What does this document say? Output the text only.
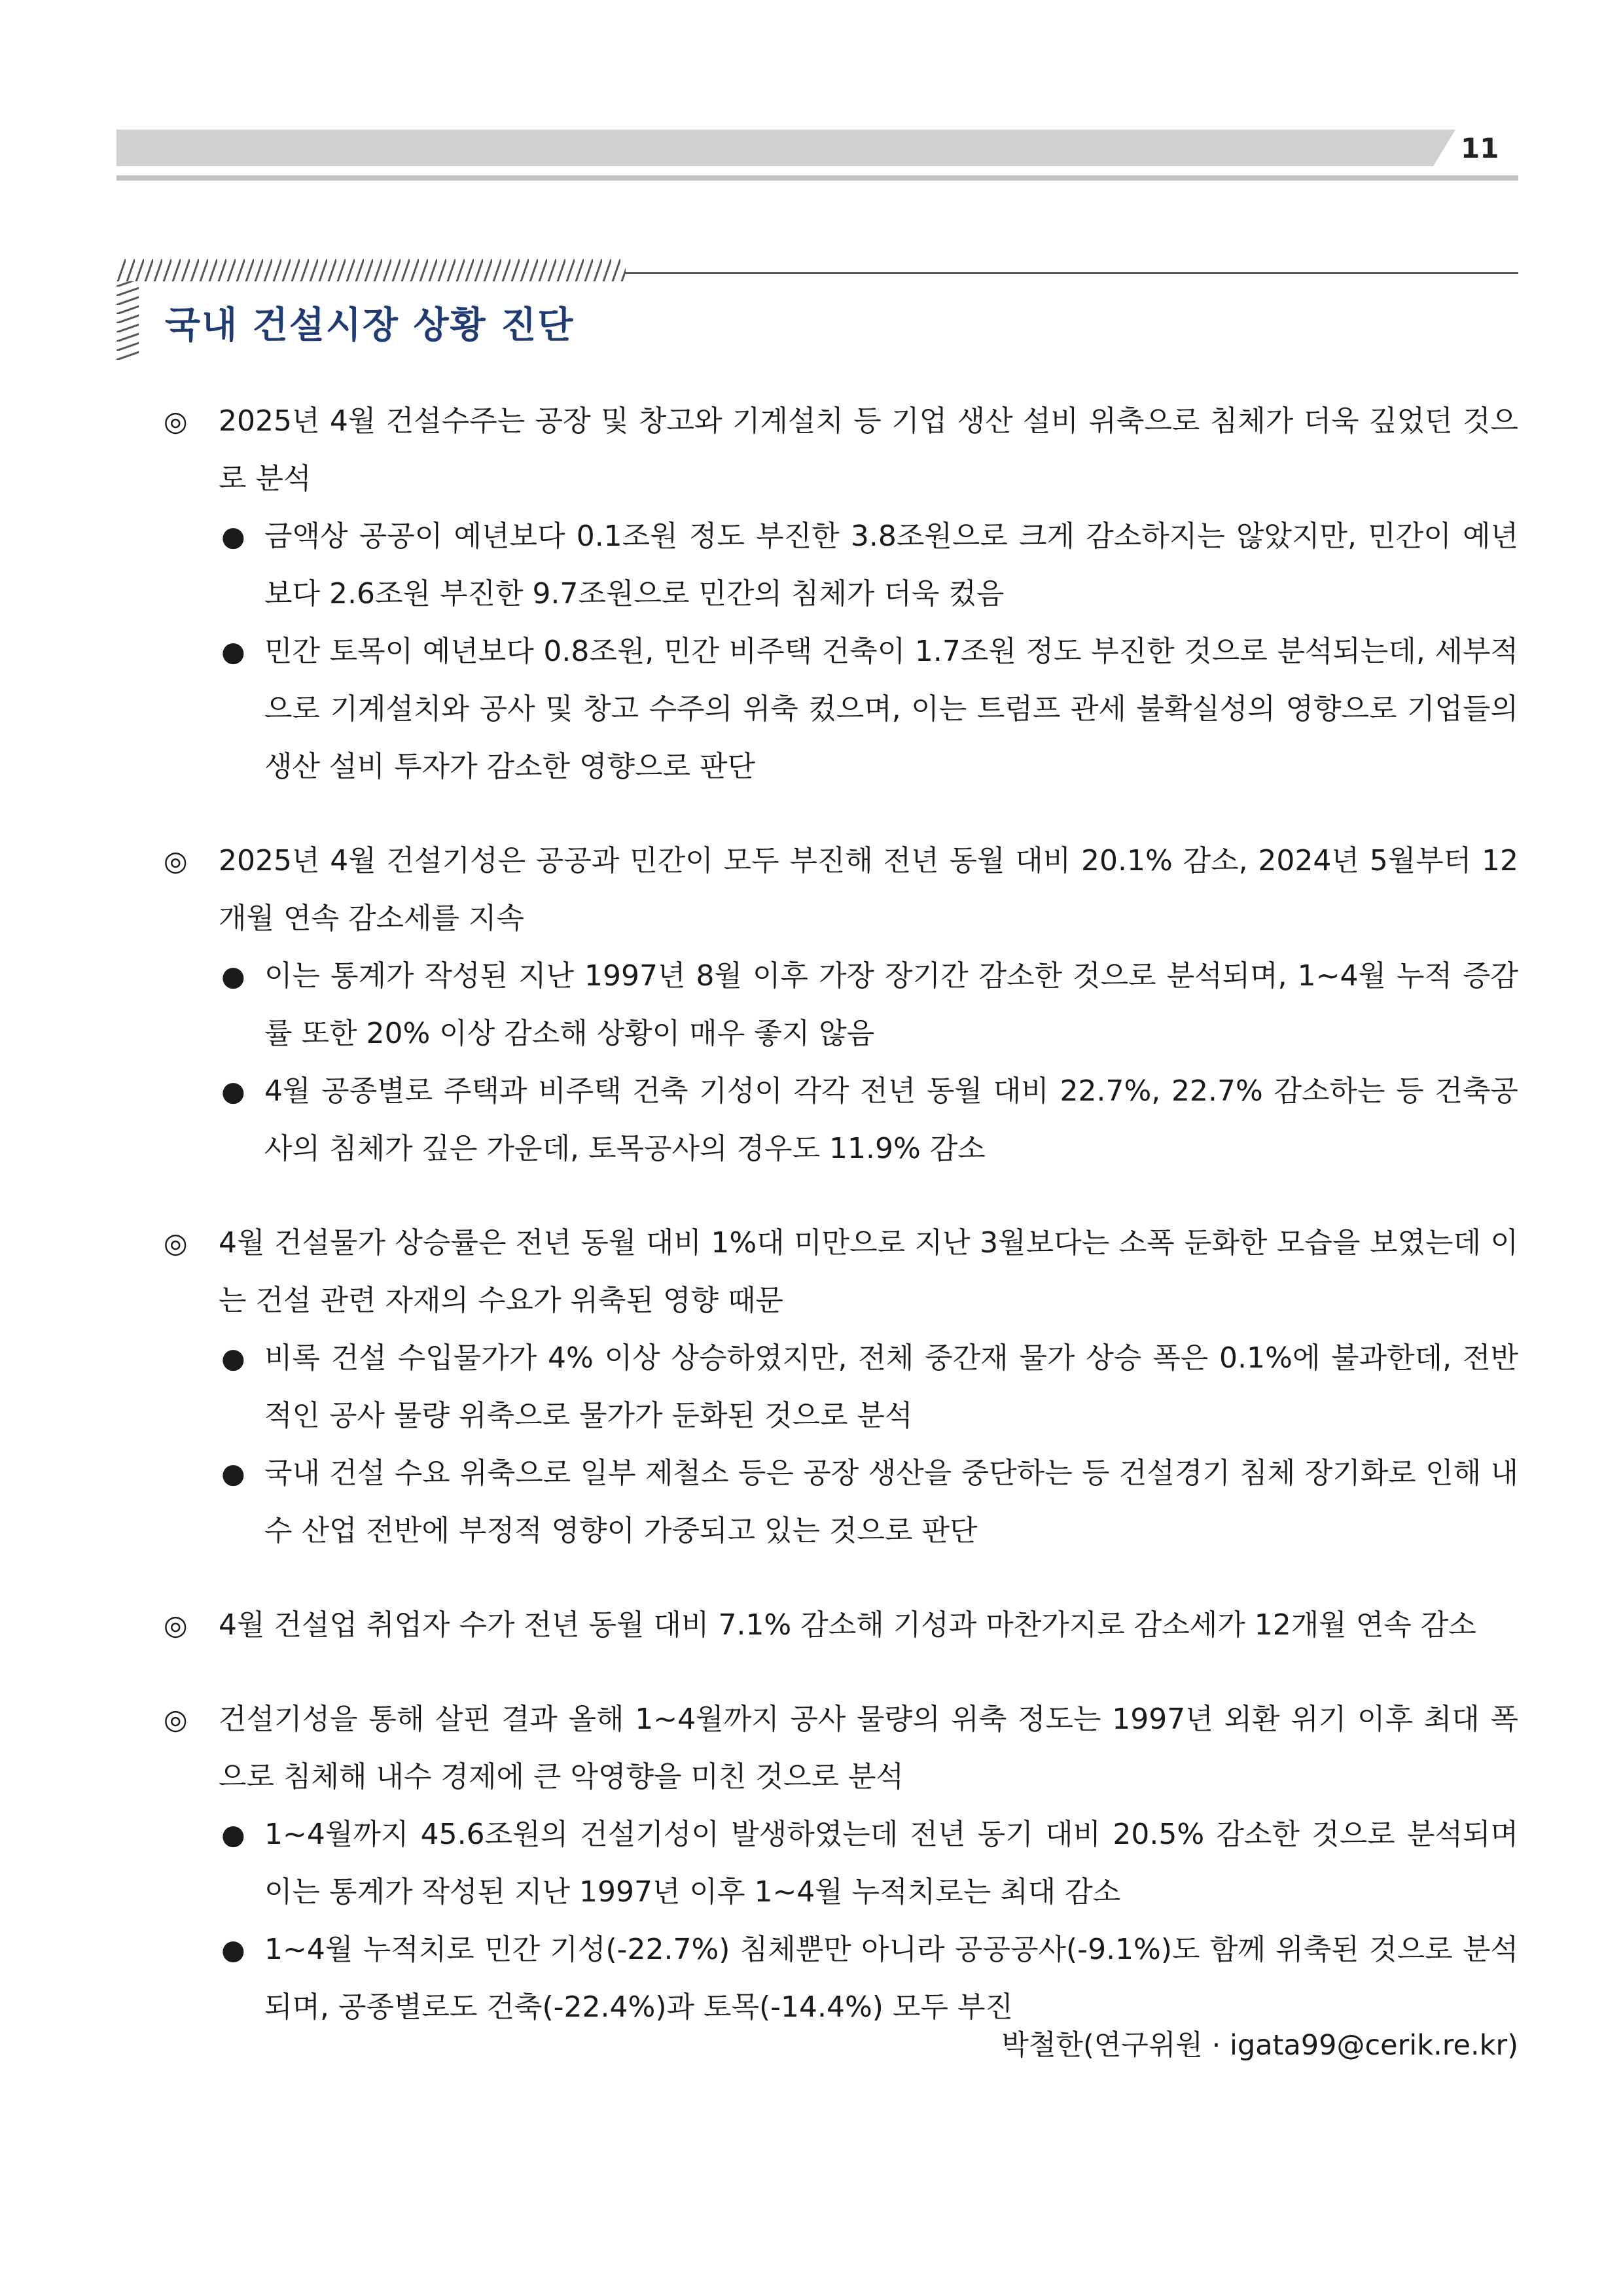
11
국내 건설시장 상황 진단
◎	2025년 4월 건설수주는 공장 및 창고와 기계설치 등 기업 생산 설비 위축으로 침체가 더욱 깊었던 것으로 분석
● 금액상 공공이 예년보다 0.1조원 정도 부진한 3.8조원으로 크게 감소하지는 않았지만, 민간이 예년보다 2.6조원 부진한 9.7조원으로 민간의 침체가 더욱 컸음
● 민간 토목이 예년보다 0.8조원, 민간 비주택 건축이 1.7조원 정도 부진한 것으로 분석되는데, 세부적으로 기계설치와 공사 및 창고 수주의 위축 컸으며, 이는 트럼프 관세 불확실성의 영향으로 기업들의 생산 설비 투자가 감소한 영향으로 판단
◎	2025년 4월 건설기성은 공공과 민간이 모두 부진해 전년 동월 대비 20.1% 감소, 2024년 5월부터 12개월 연속 감소세를 지속
● 이는 통계가 작성된 지난 1997년 8월 이후 가장 장기간 감소한 것으로 분석되며, 1~4월 누적 증감률 또한 20% 이상 감소해 상황이 매우 좋지 않음
● 4월 공종별로 주택과 비주택 건축 기성이 각각 전년 동월 대비 22.7%, 22.7% 감소하는 등 건축공사의 침체가 깊은 가운데, 토목공사의 경우도 11.9% 감소
◎	4월 건설물가 상승률은 전년 동월 대비 1%대 미만으로 지난 3월보다는 소폭 둔화한 모습을 보였는데 이는 건설 관련 자재의 수요가 위축된 영향 때문
● 비록 건설 수입물가가 4% 이상 상승하였지만, 전체 중간재 물가 상승 폭은 0.1%에 불과한데, 전반적인 공사 물량 위축으로 물가가 둔화된 것으로 분석
● 국내 건설 수요 위축으로 일부 제철소 등은 공장 생산을 중단하는 등 건설경기 침체 장기화로 인해 내수 산업 전반에 부정적 영향이 가중되고 있는 것으로 판단
◎	4월 건설업 취업자 수가 전년 동월 대비 7.1% 감소해 기성과 마찬가지로 감소세가 12개월 연속 감소
◎	건설기성을 통해 살핀 결과 올해 1~4월까지 공사 물량의 위축 정도는 1997년 외환 위기 이후 최대 폭으로 침체해 내수 경제에 큰 악영향을 미친 것으로 분석
● 1~4월까지 45.6조원의 건설기성이 발생하였는데 전년 동기 대비 20.5% 감소한 것으로 분석되며 이는 통계가 작성된 지난 1997년 이후 1~4월 누적치로는 최대 감소
● 1~4월 누적치로 민간 기성(-22.7%) 침체뿐만 아니라 공공공사(-9.1%)도 함께 위축된 것으로 분석되며, 공종별로도 건축(-22.4%)과 토목(-14.4%) 모두 부진
박철한(연구위원 · igata99@cerik.re.kr)
